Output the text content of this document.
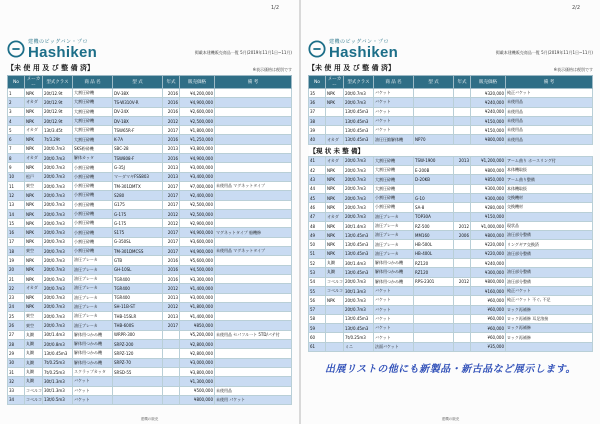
1/2
建機のビッグバン・プロ
Hashiken	掲載本建機販売商品一覧 5月(2019年11月1日~11月)
【未 使 用 及 び 整 備 済】	※表示価格は税別です
No	メーカー	型式クラス	商 品 名	型 式	年式	販売価格	備 考
1	NPK	20t/12.9t	大割圧砕機	DV-38X	2016	¥4,200,000	
2	オカダ	20t/12.9t	大割圧砕機	TS-W310V-R	2016	¥4,900,000	
3	NPK	20t/12.9t	大割圧砕機	DV-24X	2016	¥2,600,000	
4	NPK	20t/12.9t	大割圧砕機	DV-18X	2012	¥2,500,000	
5	オカダ	13t/3.45t	大割圧砕機	TSW65R-F	2017	¥1,800,000	
6	NPK	7t/3.29t	大割圧砕機	K-7A	2016	¥1,250,000	
7	NPK	20t/0.7m3	SKS粉砕機	SBC-28	2013	¥3,800,000	
8	オカダ	20t/0.7m3	解体カッタ	TSW808-F	2016	¥4,900,000	
9	NPK	20t/0.7m3	小割圧砕機	G-35J	2013	¥3,000,000	
10	松戸	20t/0.7m3	小割圧砕機	マーダマギFSS803	2013	¥3,400,000	
11	東空	20t/0.7m3	小割圧砕機	TM-301DMTX	2017	¥7,000,000	未使用品 マグネットタイプ
12	NPK	20t/0.7m3	小割圧砕機	S280	2017	¥2,400,000	
13	NPK	20t/0.7m3	小割圧砕機	G175	2017	¥2,500,000	
14	NPK	20t/0.7m3	小割圧砕機	G-175	2012	¥2,500,000	
15	NPK	20t/0.7m3	小割圧砕機	G-175	2012	¥2,900,000	
16	NPK	20t/0.7m3	小割圧砕機	S175	2017	¥4,900,000	マグネットタイプ 船機修
17	NPK	20t/0.7m3	小割圧砕機	G-350SL	2017	¥3,600,000	
18	東空	20t/0.7m3	小割圧砕機	TM-301DMCSS	2017	¥4,900,000	未使用品 マグネットタイプ
19	NPK	20t/0.7m3	油圧ブレーカ	GTB	2016	¥5,600,000	
20	NPK	20t/0.7m3	油圧ブレーカ	GH-10SL	2016	¥4,500,000	
21	NPK	20t/0.7m3	油圧ブレーカ	TGR400	2016	¥3,300,000	
22	オカダ	20t/0.7m3	油圧ブレーカ	TGR400	2012	¥1,400,000	
23	NPK	20t/0.7m3	油圧ブレーカ	TGR400	2013	¥3,000,000	
24	NPK	20t/0.7m3	油圧ブレーカ	SH-11B-ST	2012	¥1,800,000	
25	東空	20t/0.7m3	油圧ブレーカ	THB-15SLR	2013	¥1,400,000	
26	東空	20t/0.7m3	油圧ブレーカ	THB-600S	2017	¥850,000	
27	丸鋤	30t/1.4m3	解体用つかみ機	WRPR-300		¥5,200,000	未使用品 セパフル一ト 5TD/パテ付
28	丸鋤	20t/0.8m3	解体用つかみ機	SRPZ-200		¥2,800,000	
29	丸鋤	13t/0.45m3	解体用つかみ機	SRPZ-120		¥2,800,000	
30	丸鋤	7t/0.25m3	解体用つかみ機	SRPZ-70		¥3,000,000	
31	丸鋤	7t/0.25m3	スクラップカッタ	SRSD-55		¥3,800,000	
32	丸鋤	30t/1.3m3	バケット			¥1,300,000	
33	コベルコ	30t/1.3m3	バケット			¥500,000	未使用品
34	コベルコ	13t/0.5m3	バケット			¥800,000	未使用 パケット
建機の販売
2/2
建機のビッグバン・プロ
Hashiken	掲載本建機販売商品一覧 5月(2019年11月1日~11月)
【未 使 用 及 び 整 備 済】	※表示価格は税別です
No	メーカー	型式クラス	商 品 名	型 式	年式	販売価格	備 考
35	NPK	20t/0.7m3	バケット			¥320,000	純正バケット
36	NPK	20t/0.7m3	バケット			¥240,000	未使用品
37		13t/0.45m3	バケット			¥240,000	未使用品
38		13t/0.45m3	バケット			¥150,000	未使用品
39		13t/0.45m3	バケット			¥150,000	未使用品
40	オカダ	13t/0.45m3	油圧圧縮解体機	NP70		¥800,000	未使用品
【現 状 未 整 備】							
41	オカダ	20t/0.7m3	大割圧砕機	TSW-1900	2013	¥1,200,000	アーム曲り ホースリング付
42	NPK	20t/0.7m3	大割圧砕機	E-200B		¥800,000	本体機取扱
43	NPK	20t/0.7m3	大割圧砕機	D-20KB		¥850,000	アーム曲り整備
44	NPK	20t/0.7m3	大割圧砕機			¥300,000	本体機取扱
45	NPK	20t/0.7m3	小割圧砕機	G-10		¥300,000	交換機材
46	NPK	20t/0.7m3	小割圧砕機	SA-8		¥280,000	交換機材
47	オカダ	20t/0.7m3	油圧ブレーカ	TOP30A		¥150,000	
48	NPK	30t/1.4m3	油圧ブレーカ	RZ-500	2012	¥1,000,000	現状品
49	NPK	13t/0.45m3	油圧ブレーカ	MM160	2006	¥800,000	油圧部分整備
50	NPK	13t/0.45m3	油圧ブレーカ	HB-500L		¥220,000	リングギア交換済
51	NPK	13t/0.45m3	油圧ブレーカ	HB-400L		¥220,000	油圧部分整備
52	丸鋤	30t/1.4m3	解体用つかみ機	RZ120		¥240,000	
53	丸鋤	13t/0.45m3	解体用つかみ機	RZ120		¥300,000	油圧部分整備
54	コベルコ	20t/0.7m3	解体用つかみ機	RPS-2301	2012	¥800,000	油圧部分整備
55	コベルコ	30t/1.3m3	バケット			¥160,000	純正バケット
56	NPK	20t/0.7m3	バケット			¥60,000	純正バケット 不ぐ, 不足
57		20t/0.7m3	バケット			¥60,000	ロック再補修
58		13t/0.45m3	バケット			¥60,000	ロック再補修 耳足溶接
59		13t/0.45m3	バケット			¥60,000	ロック再補修
60		7t/0.25m3	バケット			¥60,000	ロック再補修
61		ミニ	法面バケット			¥35,000	
出展リストの他にも新製品・新古品など展示します。
建機の販売
